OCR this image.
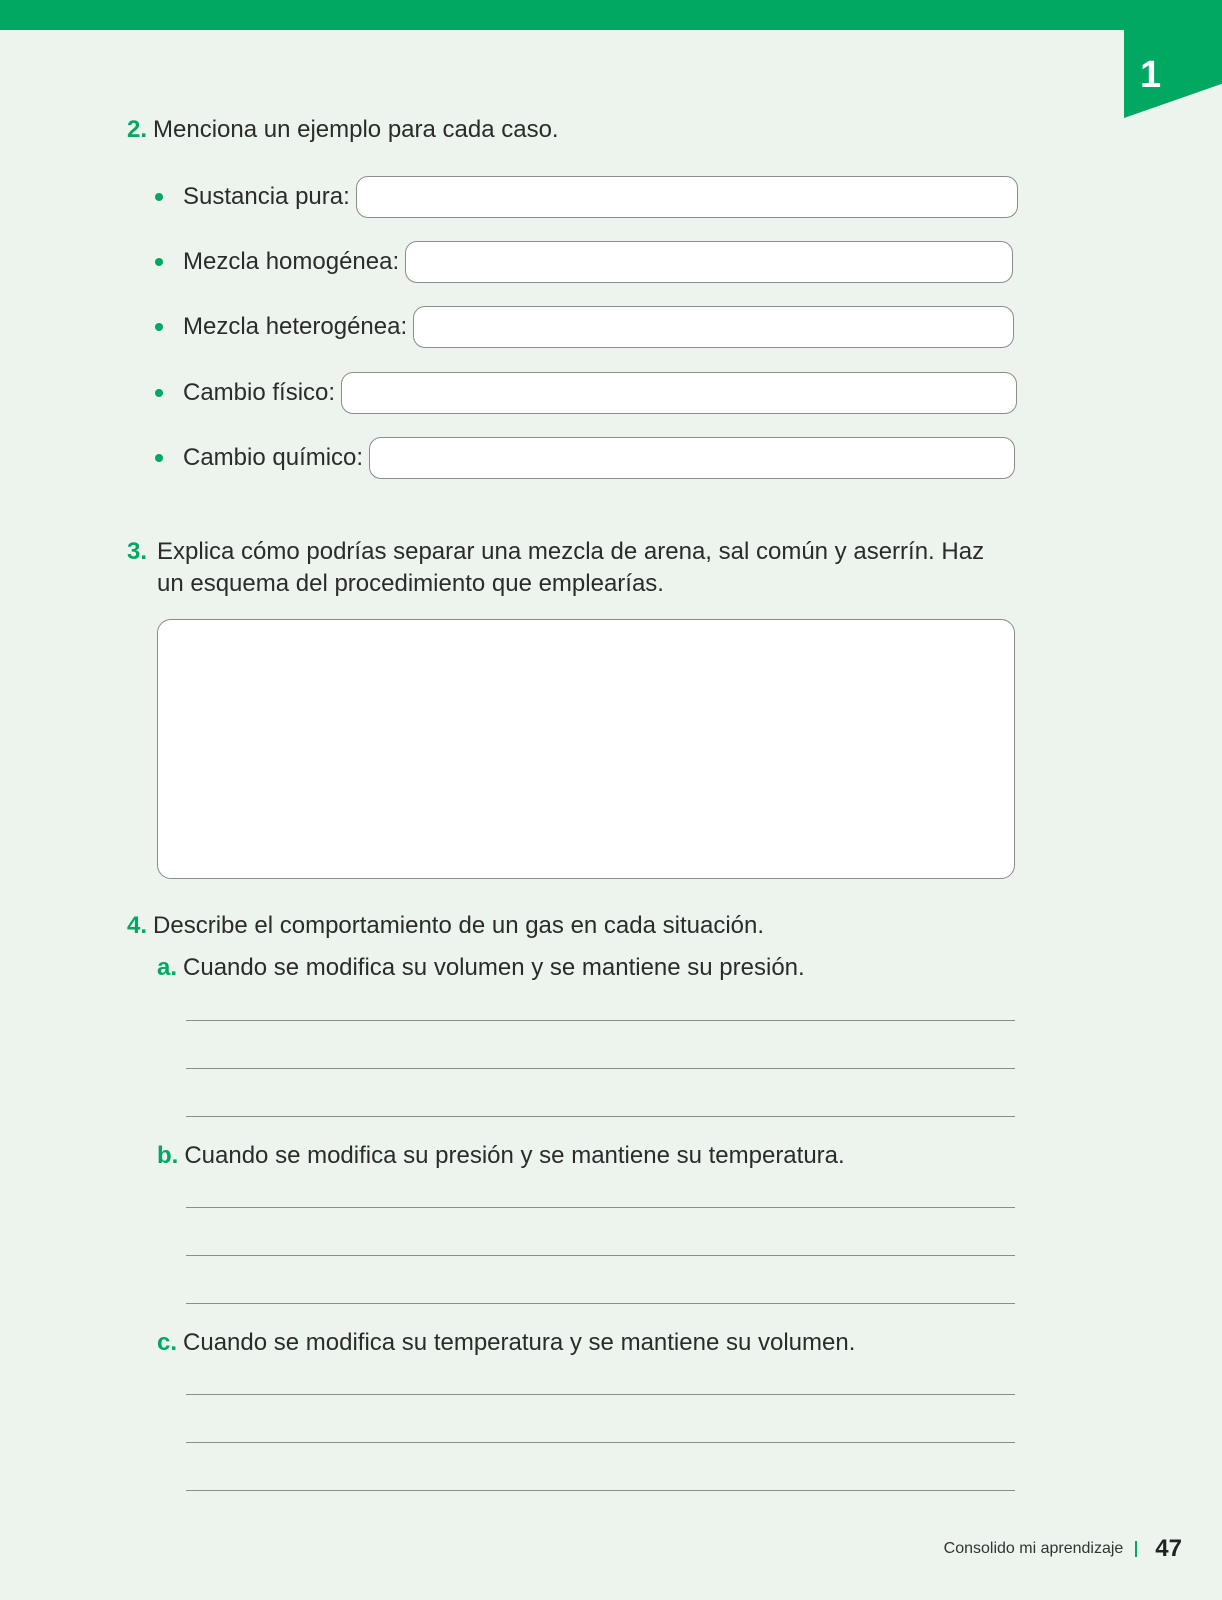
1
2. Menciona un ejemplo para cada caso.
Sustancia pura:
Mezcla homogénea:
Mezcla heterogénea:
Cambio físico:
Cambio químico:
3. Explica cómo podrías separar una mezcla de arena, sal común y aserrín. Haz un esquema del procedimiento que emplearías.
4. Describe el comportamiento de un gas en cada situación.
a. Cuando se modifica su volumen y se mantiene su presión.
b. Cuando se modifica su presión y se mantiene su temperatura.
c. Cuando se modifica su temperatura y se mantiene su volumen.
Consolido mi aprendizaje 47
